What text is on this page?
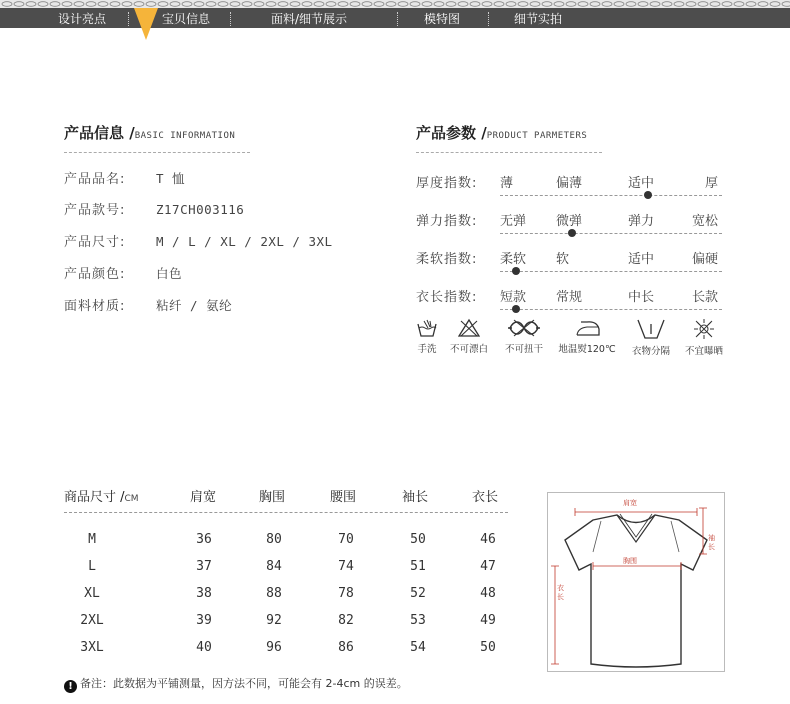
设计亮点	宝贝信息	面料/细节展示	模特图	细节实拍
产品信息 /BASIC INFORMATION
产品品名: T 恤
产品款号: Z17CH003116
产品尺寸: M / L / XL / 2XL / 3XL
产品颜色: 白色
面料材质: 粘纤 / 氨纶
产品参数 /PRODUCT PARMETERS
厚度指数: 薄	偏薄	适中	厚
弹力指数: 无弹 微弹	弹力	宽松
柔软指数: 柔软 软	适中	偏硬
衣长指数: 短款 常规	中长	长款
手洗	不可漂白	不可扭干	地温熨120℃	衣物分隔	不宜曝晒
商品尺寸 /CM	肩宽	胸围	腰围	袖长	衣长
M	36	80	70	50	46
L	37	84	74	51	47
XL	38	88	78	52	48
2XL	39	92	82	53	49
3XL	40	96	86	54	50
! 备注：此数据为平铺测量，因方法不同，可能会有 2-4cm 的误差。
肩宽
胸围
袖长
衣长
